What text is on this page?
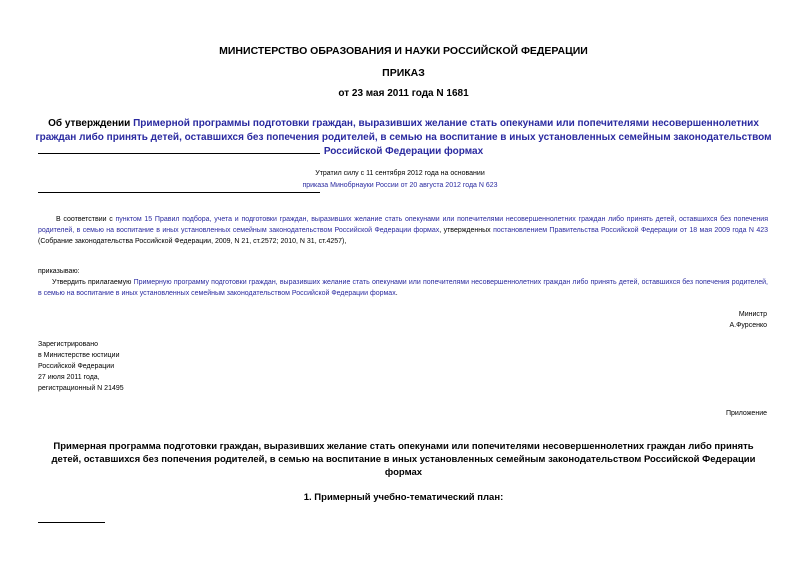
МИНИСТЕРСТВО ОБРАЗОВАНИЯ И НАУКИ РОССИЙСКОЙ ФЕДЕРАЦИИ
ПРИКАЗ
от 23 мая 2011 года N 1681
Об утверждении Примерной программы подготовки граждан, выразивших желание стать опекунами или попечителями несовершеннолетних граждан либо принять детей, оставшихся без попечения родителей, в семью на воспитание в иных установленных семейным законодательством Российской Федерации формах
Утратил силу с 11 сентября 2012 года на основании
приказа Минобрнауки России от 20 августа 2012 года N 623
В соответствии с пунктом 15 Правил подбора, учета и подготовки граждан, выразивших желание стать опекунами или попечителями несовершеннолетних граждан либо принять детей, оставшихся без попечения родителей, в семью на воспитание в иных установленных семейным законодательством Российской Федерации формах, утвержденных постановлением Правительства Российской Федерации от 18 мая 2009 года N 423 (Собрание законодательства Российской Федерации, 2009, N 21, ст.2572; 2010, N 31, ст.4257),
приказываю:
Утвердить прилагаемую Примерную программу подготовки граждан, выразивших желание стать опекунами или попечителями несовершеннолетних граждан либо принять детей, оставшихся без попечения родителей, в семью на воспитание в иных установленных семейным законодательством Российской Федерации формах.
Министр
А.Фурсенко
Зарегистрировано
в Министерстве юстиции
Российской Федерации
27 июля 2011 года,
регистрационный N 21495
Приложение
Примерная программа подготовки граждан, выразивших желание стать опекунами или попечителями несовершеннолетних граждан либо принять детей, оставшихся без попечения родителей, в семью на воспитание в иных установленных семейным законодательством Российской Федерации формах
1. Примерный учебно-тематический план:
